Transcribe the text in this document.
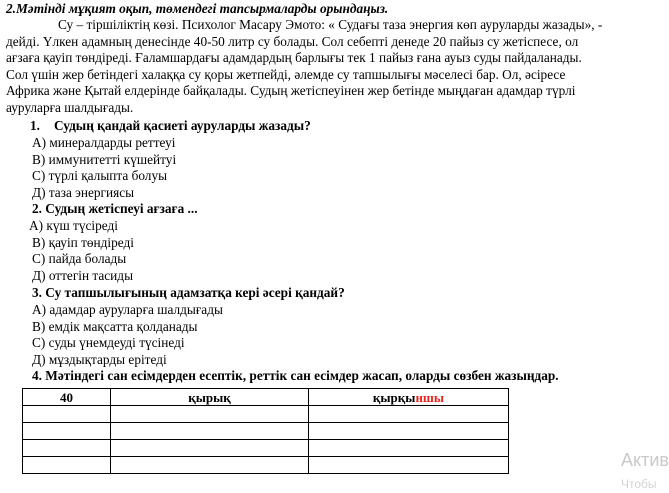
2.Мәтінді мұқият оқып, төмендегі тапсырмаларды орындаңыз.
Су – тіршіліктің көзі. Психолог Масару Эмото: « Судағы таза энергия көп ауруларды жазады», -
дейді. Үлкен адамның денесінде 40-50 литр су болады. Сол себепті денеде 20 пайыз су жетіспесе, ол
ағзаға қауіп төндіреді. Ғаламшардағы адамдардың барлығы тек 1 пайыз ғана ауыз суды пайдаланады.
Сол үшін жер бетіндегі халаққа су қоры жетпейді, әлемде су тапшылығы мәселесі бар. Ол, әсіресе
Африка және Қытай елдерінде байқалады. Судың жетіспеуінен жер бетінде мыңдаған адамдар түрлі
ауруларға шалдығады.
1. Судың қандай қасиеті ауруларды жазады?
А) минералдарды реттеуі
В) иммунитетті күшейтуі
С) түрлі қалыпта болуы
Д) таза энергиясы
2. Судың жетіспеуі ағзаға ...
А) күш түсіреді
В) қауіп төндіреді
С) пайда болады
Д) оттегін тасиды
3. Су тапшылығының адамзатқа кері әсері қандай?
А) адамдар ауруларға шалдығады
В) емдік мақсатта қолданады
С) суды үнемдеуді түсінеді
Д) мұздықтарды ерітеді
4. Мәтіндегі сан есімдерден есептік, реттік сан есімдер жасап, оларды сөзбен жазыңдар.
40	қырық	қырқыншы

Актив
Чтобы
